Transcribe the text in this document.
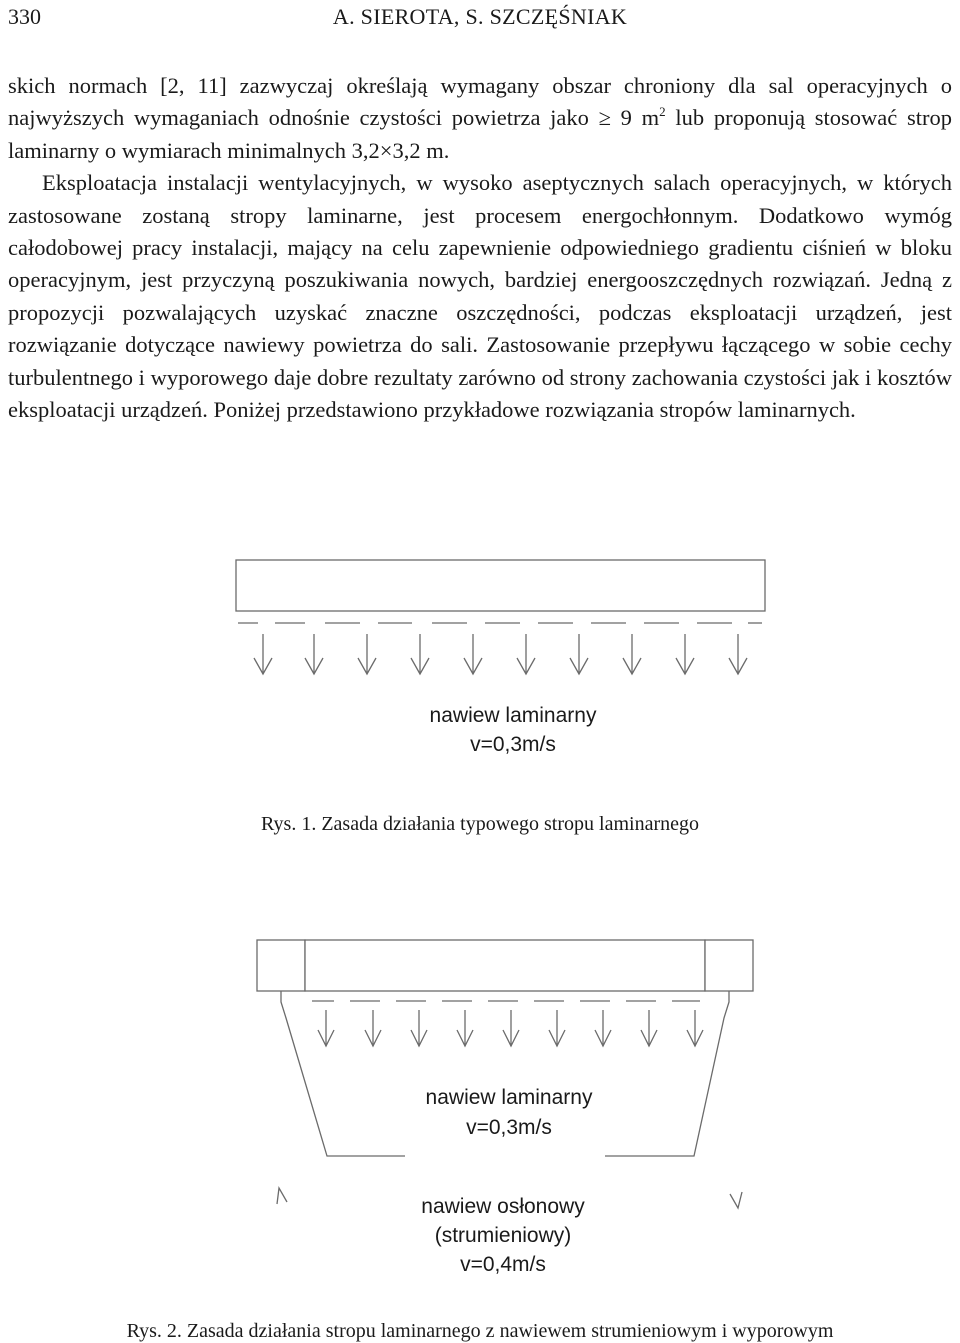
330	A. SIEROTA, S. SZCZĘŚNIAK

skich normach [2, 11] zazwyczaj określają wymagany obszar chroniony dla sal operacyjnych o najwyższych wymaganiach odnośnie czystości powietrza jako ≥ 9 $m^2$ lub proponują stosować strop laminarny o wymiarach minimalnych 3,2×3,2 m.

Eksploatacja instalacji wentylacyjnych, w wysoko aseptycznych salach operacyjnych, w których zastosowane zostaną stropy laminarne, jest procesem energochłonnym. Dodatkowo wymóg całodobowej pracy instalacji, mający na celu zapewnienie odpowiedniego gradientu ciśnień w bloku operacyjnym, jest przyczyną poszukiwania nowych, bardziej energooszczędnych rozwiązań. Jedną z propozycji pozwalających uzyskać znaczne oszczędności, podczas eksploatacji urządzeń, jest rozwiązanie dotyczące nawiewy powietrza do sali. Zastosowanie przepływu łączącego w sobie cechy turbulentnego i wyporowego daje dobre rezultaty zarówno od strony zachowania czystości jak i kosztów eksploatacji urządzeń. Poniżej przedstawiono przykładowe rozwiązania stropów laminarnych.

nawiew laminarny
v=0,3m/s
Rys. 1. Zasada działania typowego stropu laminarnego
nawiew laminarny
v=0,3m/s
nawiew osłonowy
(strumieniowy)
v=0,4m/s
Rys. 2. Zasada działania stropu laminarnego z nawiewem strumieniowym i wyporowym
